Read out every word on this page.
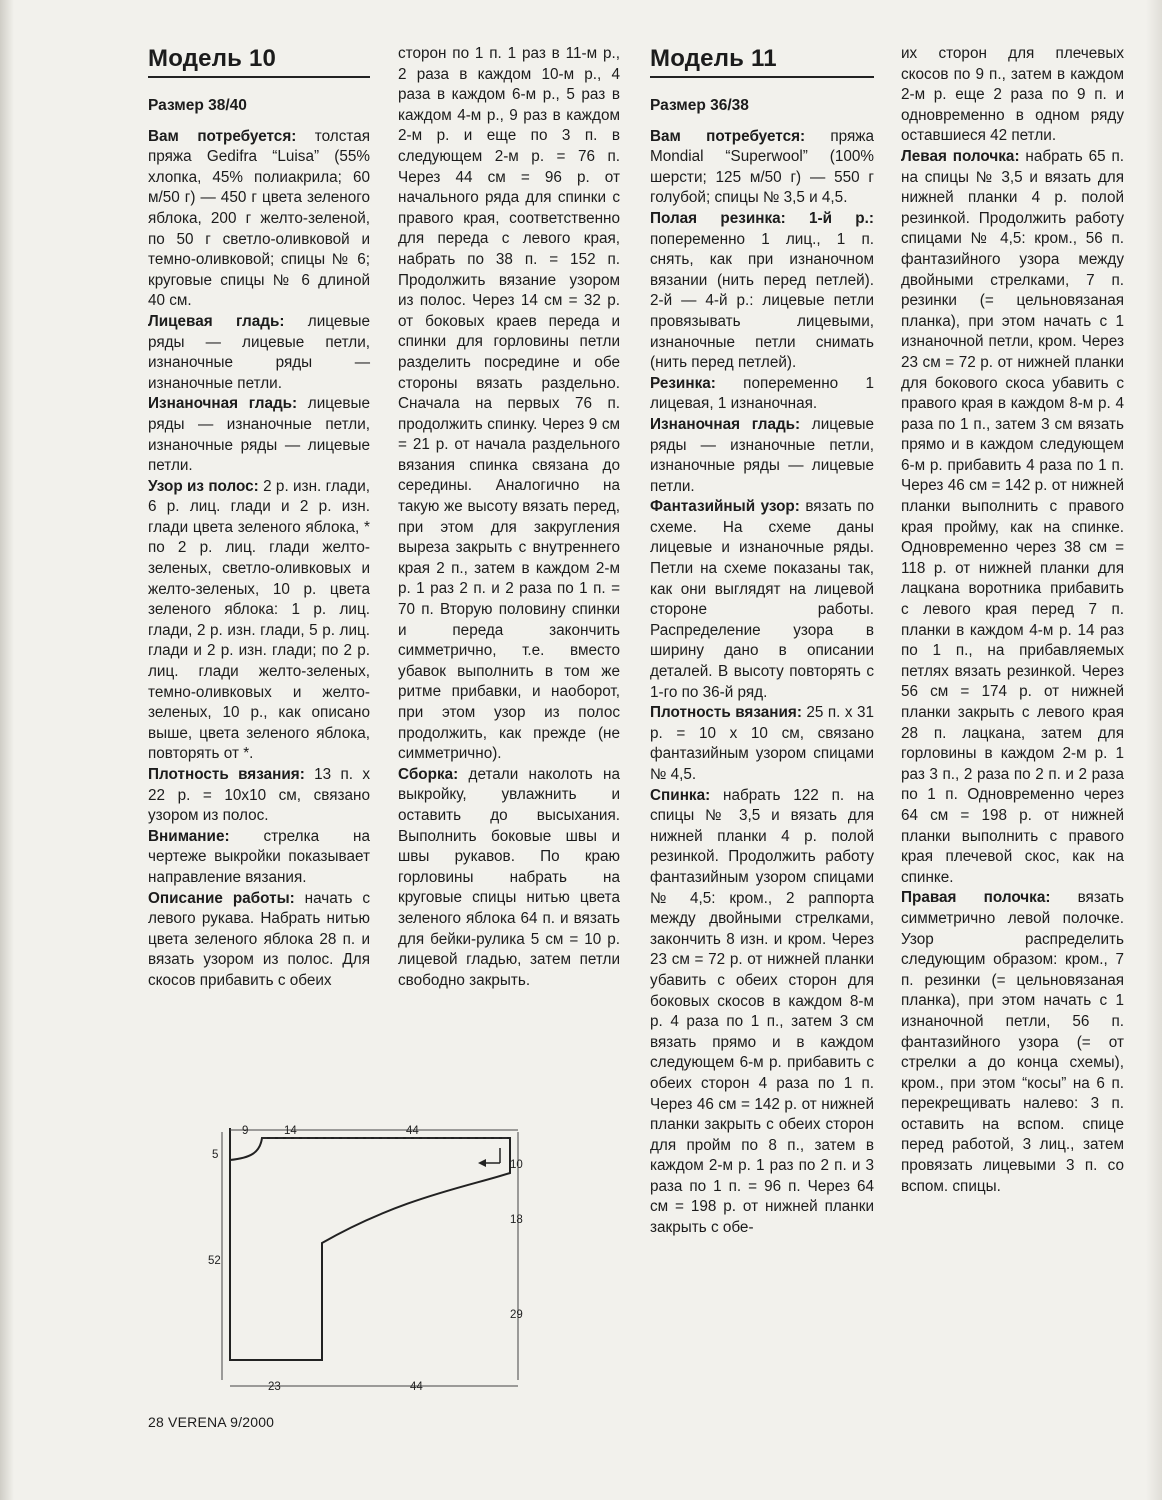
Модель 10

Размер 38/40

Вам потребуется: толстая пряжа Gedifra “Luisa” (55% хлопка, 45% полиакрила; 60 м/50 г) — 450 г цвета зеленого яблока, 200 г желто-зеленой, по 50 г светло-оливковой и темно-оливковой; спицы № 6; круговые спицы № 6 длиной 40 см.

Лицевая гладь: лицевые ряды — лицевые петли, изнаночные ряды — изнаночные петли.

Изнаночная гладь: лицевые ряды — изнаночные петли, изнаночные ряды — лицевые петли.

Узор из полос: 2 р. изн. глади, 6 р. лиц. глади и 2 р. изн. глади цвета зеленого яблока, * по 2 р. лиц. глади желто-зеленых, светло-оливковых и желто-зеленых, 10 р. цвета зеленого яблока: 1 р. лиц. глади, 2 р. изн. глади, 5 р. лиц. глади и 2 р. изн. глади; по 2 р. лиц. глади желто-зеленых, темно-оливковых и желто-зеленых, 10 р., как описано выше, цвета зеленого яблока, повторять от *.

Плотность вязания: 13 п. x 22 р. = 10x10 см, связано узором из полос.

Внимание: стрелка на чертеже выкройки показывает направление вязания.

Описание работы: начать с левого рукава. Набрать нитью цвета зеленого яблока 28 п. и вязать узором из полос. Для скосов прибавить с обеих

сторон по 1 п. 1 раз в 11-м р., 2 раза в каждом 10-м р., 4 раза в каждом 6-м р., 5 раз в каждом 4-м р., 9 раз в каждом 2-м р. и еще по 3 п. в следующем 2-м р. = 76 п. Через 44 см = 96 р. от начального ряда для спинки с правого края, соответственно для переда с левого края, набрать по 38 п. = 152 п. Продолжить вязание узором из полос. Через 14 см = 32 р. от боковых краев переда и спинки для горловины петли разделить посредине и обе стороны вязать раздельно. Сначала на первых 76 п. продолжить спинку. Через 9 см = 21 р. от начала раздельного вязания спинка связана до середины. Аналогично на такую же высоту вязать перед, при этом для закругления выреза закрыть с внутреннего края 2 п., затем в каждом 2-м р. 1 раз 2 п. и 2 раза по 1 п. = 70 п. Вторую половину спинки и переда закончить симметрично, т.е. вместо убавок выполнить в том же ритме прибавки, и наоборот, при этом узор из полос продолжить, как прежде (не симметрично).

Сборка: детали наколоть на выкройку, увлажнить и оставить до высыхания. Выполнить боковые швы и швы рукавов. По краю горловины набрать на круговые спицы нитью цвета зеленого яблока 64 п. и вязать для бейки-рулика 5 см = 10 р. лицевой гладью, затем петли свободно закрыть.

Модель 11

Размер 36/38

Вам потребуется: пряжа Mondial “Superwool” (100% шерсти; 125 м/50 г) — 550 г голубой; спицы № 3,5 и 4,5.

Полая резинка: 1-й р.: попеременно 1 лиц., 1 п. снять, как при изнаночном вязании (нить перед петлей). 2-й — 4-й р.: лицевые петли провязывать лицевыми, изнаночные петли снимать (нить перед петлей).

Резинка: попеременно 1 лицевая, 1 изнаночная.

Изнаночная гладь: лицевые ряды — изнаночные петли, изнаночные ряды — лицевые петли.

Фантазийный узор: вязать по схеме. На схеме даны лицевые и изнаночные ряды. Петли на схеме показаны так, как они выглядят на лицевой стороне работы. Распределение узора в ширину дано в описании деталей. В высоту повторять с 1-го по 36-й ряд.

Плотность вязания: 25 п. x 31 р. = 10 x 10 см, связано фантазийным узором спицами № 4,5.

Спинка: набрать 122 п. на спицы № 3,5 и вязать для нижней планки 4 р. полой резинкой. Продолжить работу фантазийным узором спицами № 4,5: кром., 2 раппорта между двойными стрелками, закончить 8 изн. и кром. Через 23 см = 72 р. от нижней планки убавить с обеих сторон для боковых скосов в каждом 8-м р. 4 раза по 1 п., затем 3 см вязать прямо и в каждом следующем 6-м р. прибавить с обеих сторон 4 раза по 1 п. Через 46 см = 142 р. от нижней планки закрыть с обеих сторон для пройм по 8 п., затем в каждом 2-м р. 1 раз по 2 п. и 3 раза по 1 п. = 96 п. Через 64 см = 198 р. от нижней планки закрыть с обе-

их сторон для плечевых скосов по 9 п., затем в каждом 2-м р. еще 2 раза по 9 п. и одновременно в одном ряду оставшиеся 42 петли.

Левая полочка: набрать 65 п. на спицы № 3,5 и вязать для нижней планки 4 р. полой резинкой. Продолжить работу спицами № 4,5: кром., 56 п. фантазийного узора между двойными стрелками, 7 п. резинки (= цельновязаная планка), при этом начать с 1 изнаночной петли, кром. Через 23 см = 72 р. от нижней планки для бокового скоса убавить с правого края в каждом 8-м р. 4 раза по 1 п., затем 3 см вязать прямо и в каждом следующем 6-м р. прибавить 4 раза по 1 п. Через 46 см = 142 р. от нижней планки выполнить с правого края пройму, как на спинке. Одновременно через 38 см = 118 р. от нижней планки для лацкана воротника прибавить с левого края перед 7 п. планки в каждом 4-м р. 14 раз по 1 п., на прибавляемых петлях вязать резинкой. Через 56 см = 174 р. от нижней планки закрыть с левого края 28 п. лацкана, затем для горловины в каждом 2-м р. 1 раз 3 п., 2 раза по 2 п. и 2 раза по 1 п. Одновременно через 64 см = 198 р. от нижней планки выполнить с правого края плечевой скос, как на спинке.

Правая полочка: вязать симметрично левой полочке. Узор распределить следующим образом: кром., 7 п. резинки (= цельновязаная планка), при этом начать с 1 изнаночной петли, 56 п. фантазийного узора (= от стрелки а до конца схемы), кром., при этом “косы” на 6 п. перекрещивать налево: 3 п. оставить на вспом. спице перед работой, 3 лиц., затем провязать лицевыми 3 п. со вспом. спицы.

9	14	44
5
52
10
18
29
23	44
28 VERENA 9/2000
